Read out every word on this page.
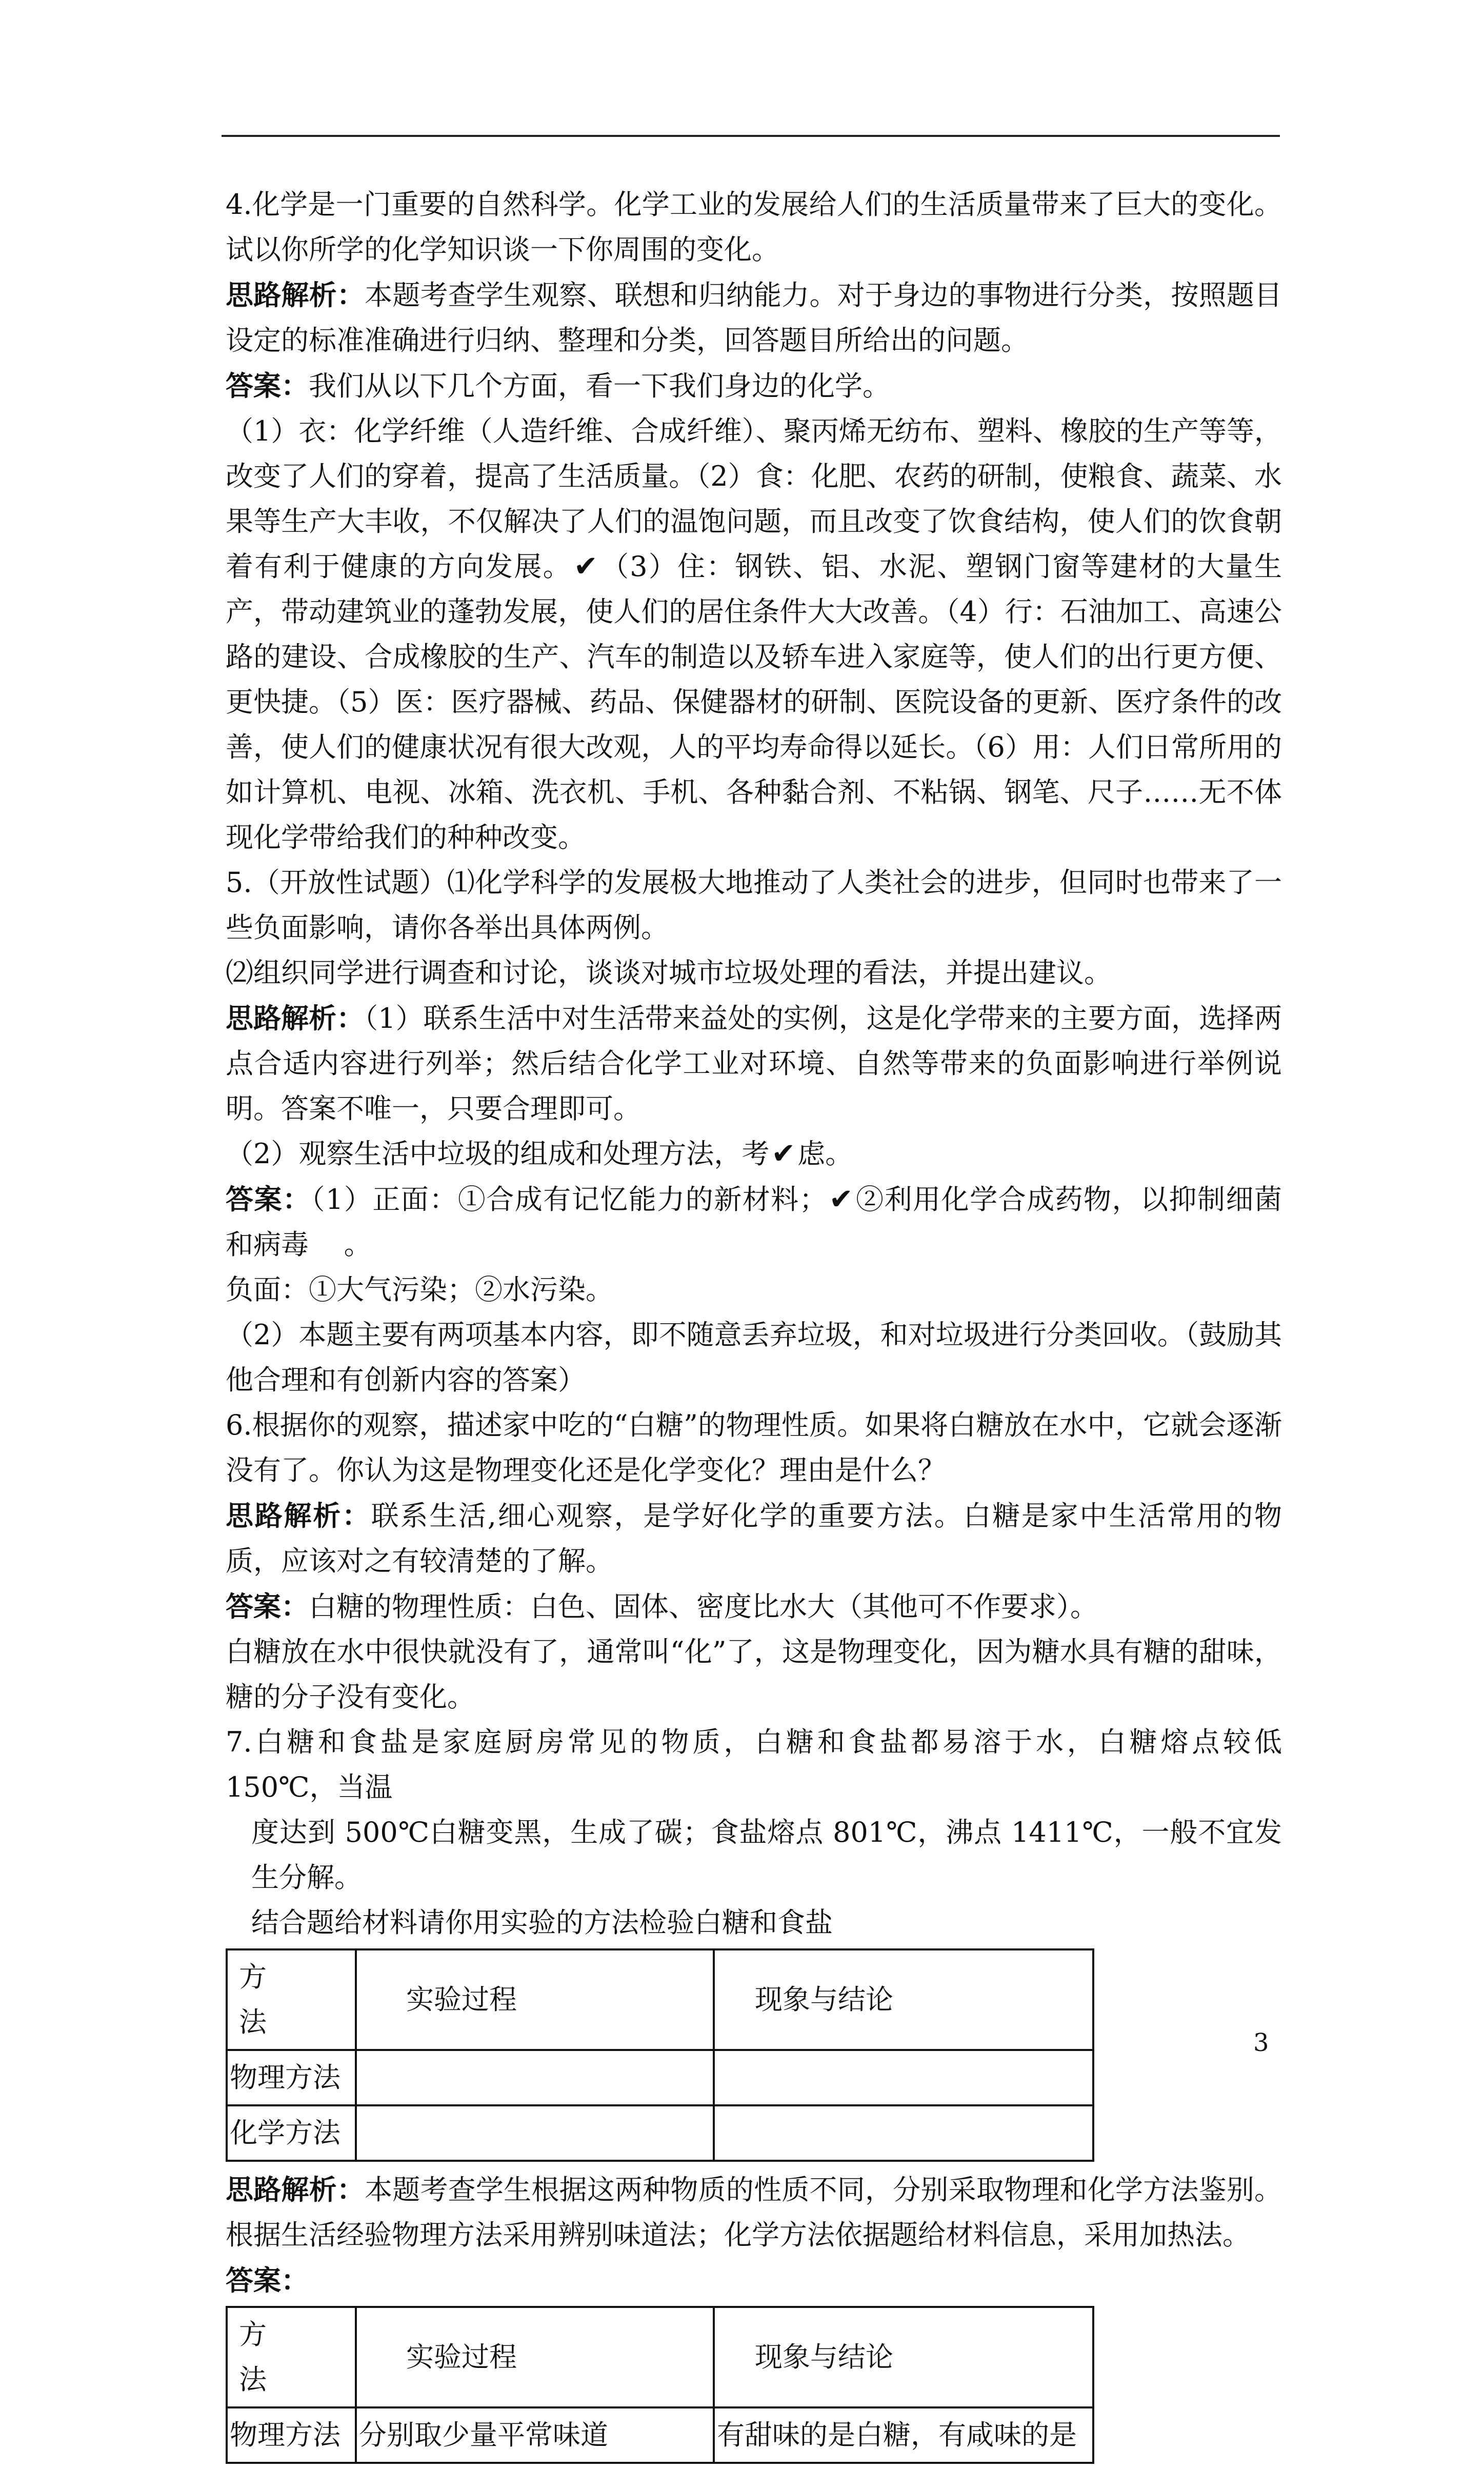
4.化学是一门重要的自然科学。化学工业的发展给人们的生活质量带来了巨大的变化。试以你所学的化学知识谈一下你周围的变化。

思路解析：本题考查学生观察、联想和归纳能力。对于身边的事物进行分类，按照题目设定的标准准确进行归纳、整理和分类，回答题目所给出的问题。

答案：我们从以下几个方面，看一下我们身边的化学。

（1）衣：化学纤维（人造纤维、合成纤维）、聚丙烯无纺布、塑料、橡胶的生产等等，改变了人们的穿着，提高了生活质量。（2）食：化肥、农药的研制，使粮食、蔬菜、水果等生产大丰收，不仅解决了人们的温饱问题，而且改变了饮食结构，使人们的饮食朝着有利于健康的方向发展。✔（3）住：钢铁、铝、水泥、塑钢门窗等建材的大量生产，带动建筑业的蓬勃发展，使人们的居住条件大大改善。（4）行：石油加工、高速公路的建设、合成橡胶的生产、汽车的制造以及轿车进入家庭等，使人们的出行更方便、更快捷。（5）医：医疗器械、药品、保健器材的研制、医院设备的更新、医疗条件的改善，使人们的健康状况有很大改观，人的平均寿命得以延长。（6）用：人们日常所用的如计算机、电视、冰箱、洗衣机、手机、各种黏合剂、不粘锅、钢笔、尺子……无不体现化学带给我们的种种改变。

5.（开放性试题）⑴化学科学的发展极大地推动了人类社会的进步，但同时也带来了一些负面影响，请你各举出具体两例。

⑵组织同学进行调查和讨论，谈谈对城市垃圾处理的看法，并提出建议。

思路解析：（1）联系生活中对生活带来益处的实例，这是化学带来的主要方面，选择两点合适内容进行列举；然后结合化学工业对环境、自然等带来的负面影响进行举例说明。答案不唯一，只要合理即可。

（2）观察生活中垃圾的组成和处理方法，考✔虑。

答案：（1）正面：①合成有记忆能力的新材料；✔②利用化学合成药物，以抑制细菌和病毒 。

负面：①大气污染；②水污染。

（2）本题主要有两项基本内容，即不随意丢弃垃圾，和对垃圾进行分类回收。（鼓励其他合理和有创新内容的答案）

6.根据你的观察，描述家中吃的“白糖”的物理性质。如果将白糖放在水中，它就会逐渐没有了。你认为这是物理变化还是化学变化？理由是什么？

思路解析：联系生活,细心观察，是学好化学的重要方法。白糖是家中生活常用的物质，应该对之有较清楚的了解。

答案：白糖的物理性质：白色、固体、密度比水大（其他可不作要求）。

白糖放在水中很快就没有了，通常叫“化”了，这是物理变化，因为糖水具有糖的甜味，糖的分子没有变化。

7.白糖和食盐是家庭厨房常见的物质，白糖和食盐都易溶于水，白糖熔点较低 150℃，当温

度达到 500℃白糖变黑，生成了碳；食盐熔点 801℃，沸点 1411℃，一般不宜发生分解。

结合题给材料请你用实验的方法检验白糖和食盐

方 法	实验过程	现象与结论
物理方法		
化学方法		

思路解析：本题考查学生根据这两种物质的性质不同，分别采取物理和化学方法鉴别。根据生活经验物理方法采用辨别味道法；化学方法依据题给材料信息，采用加热法。

答案：

方 法	实验过程	现象与结论
物理方法	分别取少量平常味道	有甜味的是白糖，有咸味的是
3
